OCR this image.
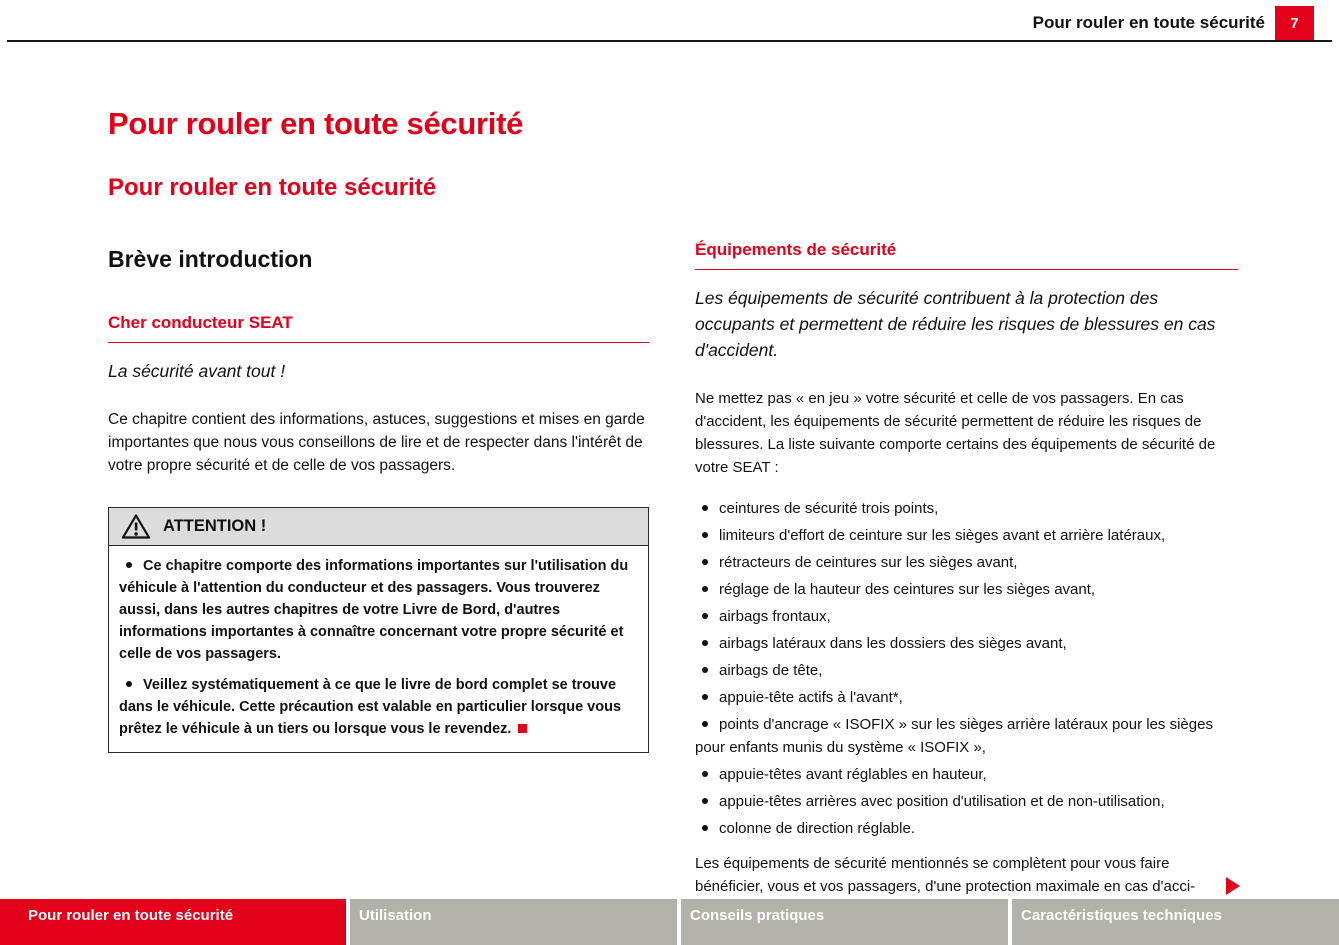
Pour rouler en toute sécurité	7
Pour rouler en toute sécurité
Pour rouler en toute sécurité
Brève introduction
Cher conducteur SEAT
La sécurité avant tout !
Ce chapitre contient des informations, astuces, suggestions et mises en garde importantes que nous vous conseillons de lire et de respecter dans l'intérêt de votre propre sécurité et de celle de vos passagers.
ATTENTION !
Ce chapitre comporte des informations importantes sur l'utilisation du véhicule à l'attention du conducteur et des passagers. Vous trouverez aussi, dans les autres chapitres de votre Livre de Bord, d'autres informations importantes à connaître concernant votre propre sécurité et celle de vos passagers.
Veillez systématiquement à ce que le livre de bord complet se trouve dans le véhicule. Cette précaution est valable en particulier lorsque vous prêtez le véhicule à un tiers ou lorsque vous le revendez.
Équipements de sécurité
Les équipements de sécurité contribuent à la protection des occupants et permettent de réduire les risques de blessures en cas d'accident.
Ne mettez pas « en jeu » votre sécurité et celle de vos passagers. En cas d'accident, les équipements de sécurité permettent de réduire les risques de blessures. La liste suivante comporte certains des équipements de sécurité de votre SEAT :
ceintures de sécurité trois points,
limiteurs d'effort de ceinture sur les sièges avant et arrière latéraux,
rétracteurs de ceintures sur les sièges avant,
réglage de la hauteur des ceintures sur les sièges avant,
airbags frontaux,
airbags latéraux dans les dossiers des sièges avant,
airbags de tête,
appuie-tête actifs à l'avant*,
points d'ancrage « ISOFIX » sur les sièges arrière latéraux pour les sièges pour enfants munis du système « ISOFIX »,
appuie-têtes avant réglables en hauteur,
appuie-têtes arrières avec position d'utilisation et de non-utilisation,
colonne de direction réglable.
Les équipements de sécurité mentionnés se complètent pour vous faire bénéficier, vous et vos passagers, d'une protection maximale en cas d'acci-
Pour rouler en toute sécurité	Utilisation	Conseils pratiques	Caractéristiques techniques
